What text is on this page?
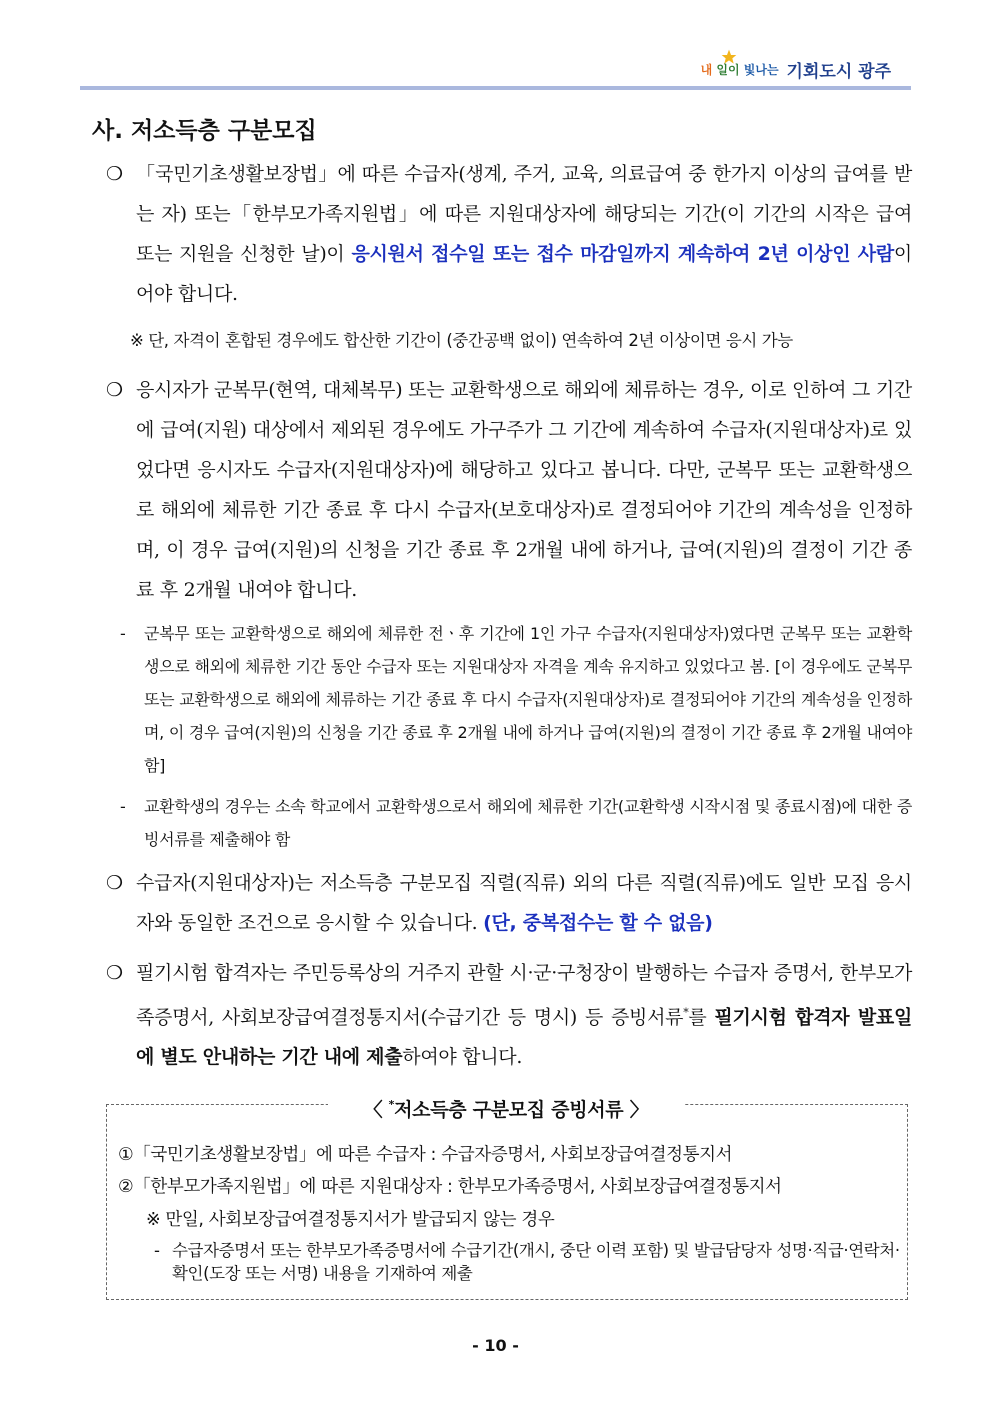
내 일이 빛나는 기회도시 광주
사. 저소득층 구분모집
❍ 「국민기초생활보장법」에 따른 수급자(생계, 주거, 교육, 의료급여 중 한가지 이상의 급여를 받는 자) 또는「한부모가족지원법」에 따른 지원대상자에 해당되는 기간(이 기간의 시작은 급여 또는 지원을 신청한 날)이 응시원서 접수일 또는 접수 마감일까지 계속하여 2년 이상인 사람이어야 합니다.
※ 단, 자격이 혼합된 경우에도 합산한 기간이 (중간공백 없이) 연속하여 2년 이상이면 응시 가능
❍ 응시자가 군복무(현역, 대체복무) 또는 교환학생으로 해외에 체류하는 경우, 이로 인하여 그 기간에 급여(지원) 대상에서 제외된 경우에도 가구주가 그 기간에 계속하여 수급자(지원대상자)로 있었다면 응시자도 수급자(지원대상자)에 해당하고 있다고 봅니다. 다만, 군복무 또는 교환학생으로 해외에 체류한 기간 종료 후 다시 수급자(보호대상자)로 결정되어야 기간의 계속성을 인정하며, 이 경우 급여(지원)의 신청을 기간 종료 후 2개월 내에 하거나, 급여(지원)의 결정이 기간 종료 후 2개월 내여야 합니다.
-	군복무 또는 교환학생으로 해외에 체류한 전ㆍ후 기간에 1인 가구 수급자(지원대상자)였다면 군복무 또는 교환학생으로 해외에 체류한 기간 동안 수급자 또는 지원대상자 자격을 계속 유지하고 있었다고 봄. [이 경우에도 군복무 또는 교환학생으로 해외에 체류하는 기간 종료 후 다시 수급자(지원대상자)로 결정되어야 기간의 계속성을 인정하며, 이 경우 급여(지원)의 신청을 기간 종료 후 2개월 내에 하거나 급여(지원)의 결정이 기간 종료 후 2개월 내여야 함]
-	교환학생의 경우는 소속 학교에서 교환학생으로서 해외에 체류한 기간(교환학생 시작시점 및 종료시점)에 대한 증빙서류를 제출해야 함
❍ 수급자(지원대상자)는 저소득층 구분모집 직렬(직류) 외의 다른 직렬(직류)에도 일반 모집 응시자와 동일한 조건으로 응시할 수 있습니다. (단, 중복접수는 할 수 없음)
❍ 필기시험 합격자는 주민등록상의 거주지 관할 시·군·구청장이 발행하는 수급자 증명서, 한부모가족증명서, 사회보장급여결정통지서(수급기간 등 명시) 등 증빙서류*를 필기시험 합격자 발표일에 별도 안내하는 기간 내에 제출하여야 합니다.
〈 *저소득층 구분모집 증빙서류 〉
①「국민기초생활보장법」에 따른 수급자 : 수급자증명서, 사회보장급여결정통지서
②「한부모가족지원법」에 따른 지원대상자 : 한부모가족증명서, 사회보장급여결정통지서
※ 만일, 사회보장급여결정통지서가 발급되지 않는 경우
- 수급자증명서 또는 한부모가족증명서에 수급기간(개시, 중단 이력 포함) 및 발급담당자 성명·직급·연락처·확인(도장 또는 서명) 내용을 기재하여 제출
- 10 -
